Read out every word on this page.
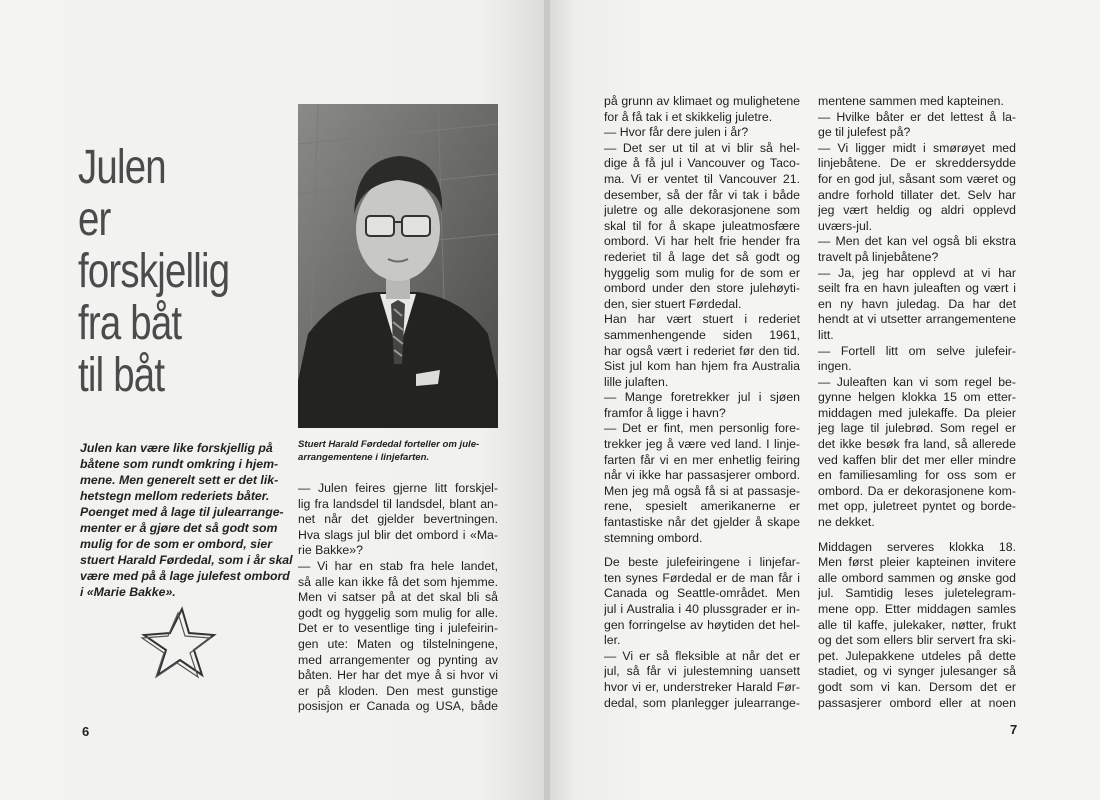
Julen
er
forskjellig
fra båt
til båt
Julen kan være like forskjellig på
båtene som rundt omkring i hjem-
mene. Men generelt sett er det lik-
hetstegn mellom rederiets båter.
Poenget med å lage til julearrange-
menter er å gjøre det så godt som
mulig for de som er ombord, sier
stuert Harald Førdedal, som i år skal
være med på å lage julefest ombord
i «Marie Bakke».
Stuert Harald Førdedal forteller om jule-
arrangementene i linjefarten.
— Julen feires gjerne litt forskjel-
lig fra landsdel til landsdel, blant an-
net når det gjelder bevertningen.
Hva slags jul blir det ombord i «Ma-
rie Bakke»?
— Vi har en stab fra hele landet,
så alle kan ikke få det som hjemme.
Men vi satser på at det skal bli så
godt og hyggelig som mulig for alle.
Det er to vesentlige ting i julefeirin-
gen ute: Maten og tilstelningene,
med arrangementer og pynting av
båten. Her har det mye å si hvor vi
er på kloden. Den mest gunstige
posisjon er Canada og USA, både
6
på grunn av klimaet og mulighetene
for å få tak i et skikkelig juletre.
— Hvor får dere julen i år?
— Det ser ut til at vi blir så hel-
dige å få jul i Vancouver og Taco-
ma. Vi er ventet til Vancouver 21.
desember, så der får vi tak i både
juletre og alle dekorasjonene som
skal til for å skape juleatmosfære
ombord. Vi har helt frie hender fra
rederiet til å lage det så godt og
hyggelig som mulig for de som er
ombord under den store julehøyti-
den, sier stuert Førdedal.
Han har vært stuert i rederiet
sammenhengende siden 1961,
har også vært i rederiet før den tid.
Sist jul kom han hjem fra Australia
lille julaften.
— Mange foretrekker jul i sjøen
framfor å ligge i havn?
— Det er fint, men personlig fore-
trekker jeg å være ved land. I linje-
farten får vi en mer enhetlig feiring
når vi ikke har passasjerer ombord.
Men jeg må også få si at passasje-
rene, spesielt amerikanerne er
fantastiske når det gjelder å skape
stemning ombord.
De beste julefeiringene i linjefar-
ten synes Førdedal er de man får i
Canada og Seattle-området. Men
jul i Australia i 40 plussgrader er in-
gen forringelse av høytiden det hel-
ler.
— Vi er så fleksible at når det er
jul, så får vi julestemning uansett
hvor vi er, understreker Harald Før-
dedal, som planlegger julearrange-
mentene sammen med kapteinen.
— Hvilke båter er det lettest å la-
ge til julefest på?
— Vi ligger midt i smørøyet med
linjebåtene. De er skreddersydde
for en god jul, såsant som været og
andre forhold tillater det. Selv har
jeg vært heldig og aldri opplevd
uværs-jul.
— Men det kan vel også bli ekstra
travelt på linjebåtene?
— Ja, jeg har opplevd at vi har
seilt fra en havn juleaften og vært i
en ny havn juledag. Da har det
hendt at vi utsetter arrangementene
litt.
— Fortell litt om selve julefeir-
ingen.
— Juleaften kan vi som regel be-
gynne helgen klokka 15 om etter-
middagen med julekaffe. Da pleier
jeg lage til julebrød. Som regel er
det ikke besøk fra land, så allerede
ved kaffen blir det mer eller mindre
en familiesamling for oss som er
ombord. Da er dekorasjonene kom-
met opp, juletreet pyntet og borde-
ne dekket.
Middagen serveres klokka 18.
Men først pleier kapteinen invitere
alle ombord sammen og ønske god
jul. Samtidig leses juletelegram-
mene opp. Etter middagen samles
alle til kaffe, julekaker, nøtter, frukt
og det som ellers blir servert fra ski-
pet. Julepakkene utdeles på dette
stadiet, og vi synger julesanger så
godt som vi kan. Dersom det er
passasjerer ombord eller at noen
7
